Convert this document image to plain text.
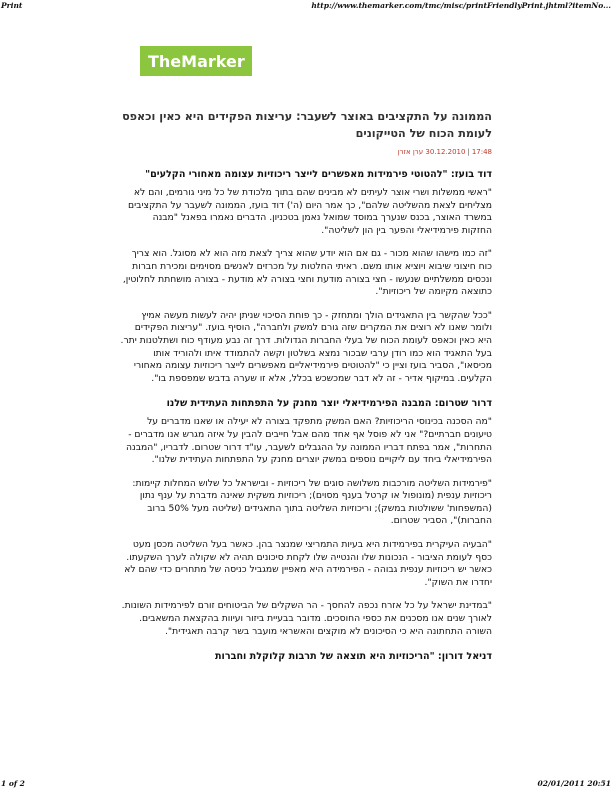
Print	http://www.themarker.com/tmc/misc/printFriendlyPrint.jhtml?itemNo...
TheMarker
הממונה על התקציבים באוצר לשעבר: עריצות הפקידים היא כאין וכאפס לעומת הכוח של הטייקונים
17:48|30.12.2010 ערן אזרן
דוד בועז: "להטוטי פירמידות מאפשרים לייצר ריכוזיות עצומה מאחורי הקלעים"

"ראשי ממשלות ושרי אוצר לעיתים לא מבינים שהם בתוך מלכודת של כל מיני גורמים, והם לא מצליחים לצאת מהשליטה שלהם", כך אמר היום (ה') דוד בועז, הממונה לשעבר על התקציבים במשרד האוצר, בכנס שנערך במוסד שמואל נאמן בטכניון. הדברים נאמרו בפאנל "מבנה החזקות פירמידיאלי והפער בין הון לשליטה".

"זה כמו מישהו שהוא מכור - גם אם הוא יודע שהוא צריך לצאת מזה הוא לא מסוגל. הוא צריך כוח חיצוני שיבוא ויוציא אותו משם. ראיתי החלטות על מכרזים לאנשים מסוימים ומכירת חברות ונכסים ממשלתיים שנעשו - חצי בצורה מודעת וחצי בצורה לא מודעת - בצורה מושחתת לחלוטין, כתוצאה מקיומה של ריכוזיות".

"ככל שהקשר בין התאגידים הולך ומתחזק - כך פוחת הסיכוי שניתן יהיה לעשות מעשה אמיץ ולומר שאנו לא רוצים את המקרים שזה גורם למשק ולחברה", הוסיף בועז. "עריצות הפקידים היא כאין וכאפס לעומת הכוח של בעלי החברות הגדולות. דרך זה נבע מעודף כוח ושתלטנות יתר. בעל התאגיד הוא כמו רודן ערבי שבכור נמצא בשלטון וקשה להתמודד איתו ולהוריד אותו מכיסאו", הסביר בועז וציין כי "להטוטים פירמידיאליים מאפשרים לייצר ריכוזיות עצומה מאחורי הקלעים. במיקוף אדיר - זה לא דבר שמכשכש בכלל, אלא זו שערה בדבש שמפספת בו".

דרור שטרום: המבנה הפירמידיאלי יוצר מחנק על התפתחות העתידית שלנו

"מה הסכנה בכינוסי הריכוזיות? האם המשק מתפקד בצורה לא יעילה או שאנו מדברים על טיעונים חברתיים?" אני לא פוסל אף אחד מהם אבל חייבים להבין על איזה מגרש אנו מדברים - התחרות", אמר בפתח דבריו הממונה על ההגבלים לשעבר, עו"ד דרור שטרום. לדבריו, "המבנה הפירמידיאלי ביחד עם ליקויים נוספים במשק יוצרים מחנק על התפתחות העתידית שלנו".

"פירמידות השליטה מורכבות משלושה סוגים של ריכוזיות - ובישראל כל שלוש המחלות קיימות: ריכוזיות ענפית (מונופול או קרטל בענף מסוים); ריכוזיות משקית שאינה מדברת על ענף נתון (המשפחות' ששולטות במשק); וריכוזיות השליטה בתוך התאגידים (שליטה מעל 50% ברוב החברות)", הסביר שטרום.

"הבעיה העיקרית בפירמידות היא בעיות התמריצי שמנצר בהן. כאשר בעל השליטה מכסן מעט כסף לעומת הציבור - הנכונות שלו והנטייה שלו לקחת סיכונים תהיה לא שקולה לערך השקעתו. כאשר יש ריכוזיות ענפית גבוהה - הפירמידה היא מאפיין שמגביל כניסה של מתחרים כדי שהם לא יחדרו את השוק".

"במדינת ישראל על כל אזרח נכפה להחסך - הר השקלים של הביטוחים זורם לפירמידות השונות. לאורך שנים אנו מסכנים את כספי החוסכים. מדובר בבעיית ביזור ועיוות בהקצאת המשאבים. השורה התחתונה היא כי הסיכונים לא מוקצים והאשראי מועבר בשר קרבה תאגידית".

דניאל דורון: "הריכוזיות היא תוצאה של תרבות קלוקלת וחברות
1 of 2	02/01/2011 20:51
